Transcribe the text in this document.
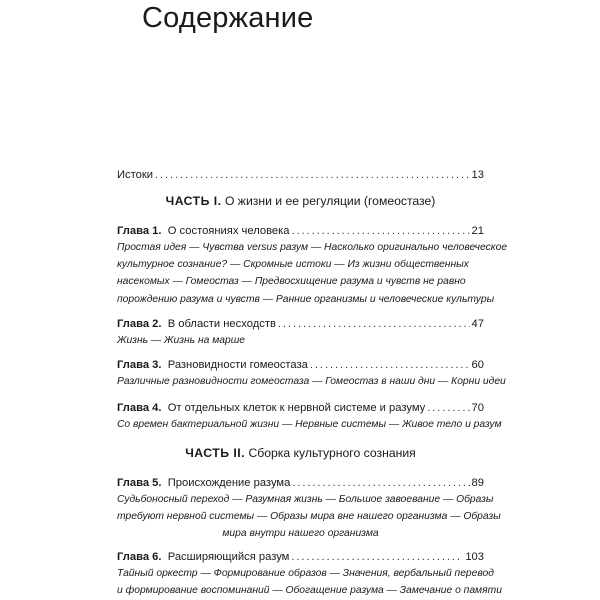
Содержание
Истоки . . .	13
ЧАСТЬ I. О жизни и ее регуляции (гомеостазе)
Глава 1. О состояниях человека . . .	21
Простая идея — Чувства versus разум — Насколько оригинально человеческое
культурное сознание? — Скромные истоки — Из жизни общественных
насекомых — Гомеостаз — Предвосхищение разума и чувств не равно
порождению разума и чувств — Ранние организмы и человеческие культуры
Глава 2. В области несходств . . .	47
Жизнь — Жизнь на марше
Глава 3. Разновидности гомеостаза . . .	60
Различные разновидности гомеостаза — Гомеостаз в наши дни — Корни идеи
Глава 4. От отдельных клеток к нервной системе и разуму . . .	70
Со времен бактериальной жизни — Нервные системы — Живое тело и разум
ЧАСТЬ II. Сборка культурного сознания
Глава 5. Происхождение разума . . .	89
Судьбоносный переход — Разумная жизнь — Большое завоевание — Образы
требуют нервной системы — Образы мира вне нашего организма — Образы
мира внутри нашего организма
Глава 6. Расширяющийся разум . . .	103
Тайный оркестр — Формирование образов — Значения, вербальный перевод
и формирование воспоминаний — Обогащение разума — Замечание о памяти
